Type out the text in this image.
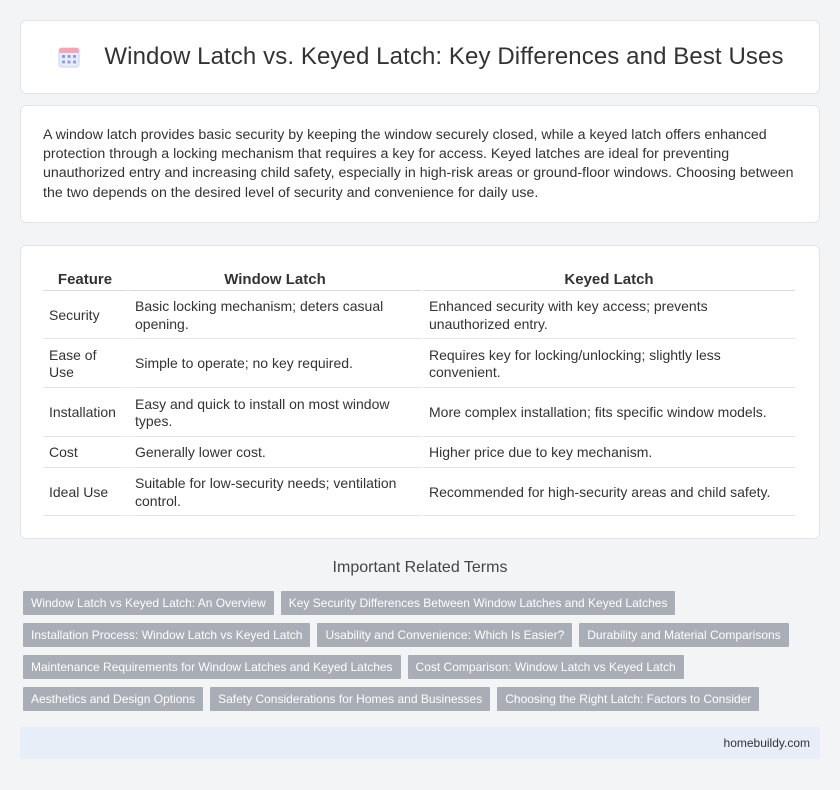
Window Latch vs. Keyed Latch: Key Differences and Best Uses

A window latch provides basic security by keeping the window securely closed, while a keyed latch offers enhanced protection through a locking mechanism that requires a key for access. Keyed latches are ideal for preventing unauthorized entry and increasing child safety, especially in high-risk areas or ground-floor windows. Choosing between the two depends on the desired level of security and convenience for daily use.

Feature	Window Latch	Keyed Latch
Security	Basic locking mechanism; deters casual opening.	Enhanced security with key access; prevents unauthorized entry.
Ease of Use	Simple to operate; no key required.	Requires key for locking/unlocking; slightly less convenient.
Installation	Easy and quick to install on most window types.	More complex installation; fits specific window models.
Cost	Generally lower cost.	Higher price due to key mechanism.
Ideal Use	Suitable for low-security needs; ventilation control.	Recommended for high-security areas and child safety.
Important Related Terms
Window Latch vs Keyed Latch: An Overview	Key Security Differences Between Window Latches and Keyed Latches
Installation Process: Window Latch vs Keyed Latch	Usability and Convenience: Which Is Easier?	Durability and Material Comparisons
Maintenance Requirements for Window Latches and Keyed Latches	Cost Comparison: Window Latch vs Keyed Latch
Aesthetics and Design Options	Safety Considerations for Homes and Businesses	Choosing the Right Latch: Factors to Consider
homebuildy.com
